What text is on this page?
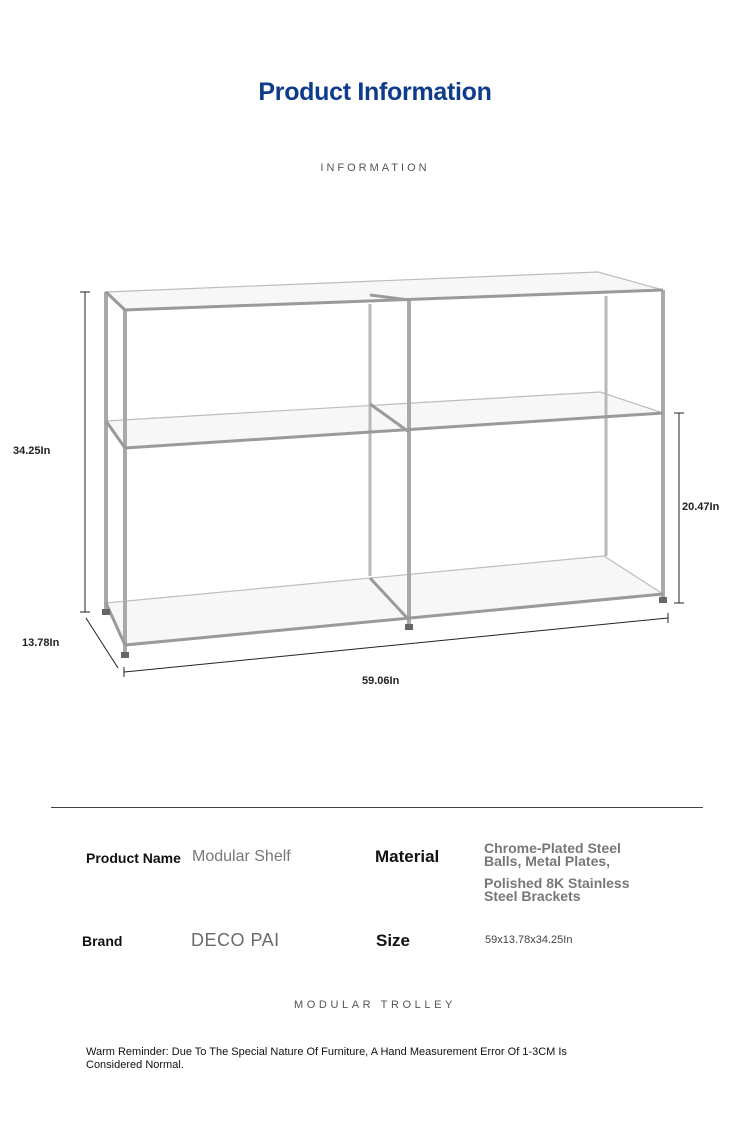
Product Information
INFORMATION
34.25In
20.47In
13.78In
59.06In
Product Name Modular Shelf	Material	Chrome-Plated Steel
Balls, Metal Plates,
Polished 8K Stainless
Steel Brackets
Brand	DECO PAI	Size	59x13.78x34.25In
MODULAR TROLLEY
Warm Reminder: Due To The Special Nature Of Furniture, A Hand Measurement Error Of 1-3CM Is Considered Normal.
